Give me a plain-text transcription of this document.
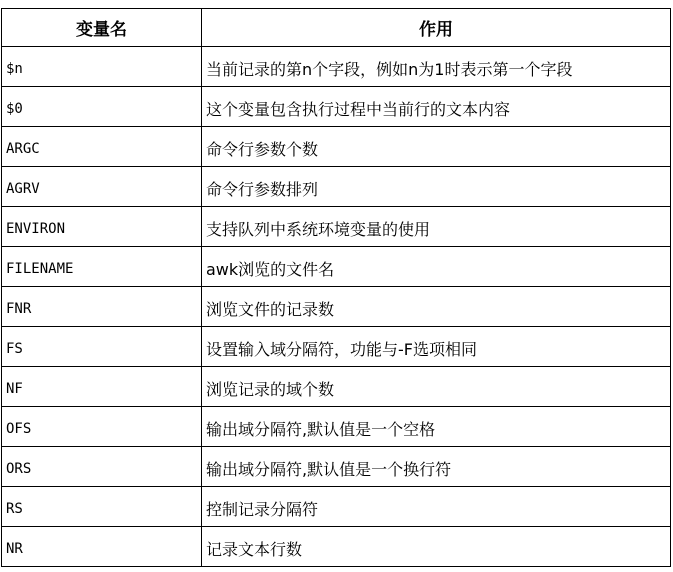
变量名	作用
$n	当前记录的第n个字段，例如n为1时表示第一个字段
$0	这个变量包含执行过程中当前行的文本内容
ARGC	命令行参数个数
AGRV	命令行参数排列
ENVIRON	支持队列中系统环境变量的使用
FILENAME	awk浏览的文件名
FNR	浏览文件的记录数
FS	设置输入域分隔符，功能与-F选项相同
NF	浏览记录的域个数
OFS	输出域分隔符,默认值是一个空格
ORS	输出域分隔符,默认值是一个换行符
RS	控制记录分隔符
NR	记录文本行数
